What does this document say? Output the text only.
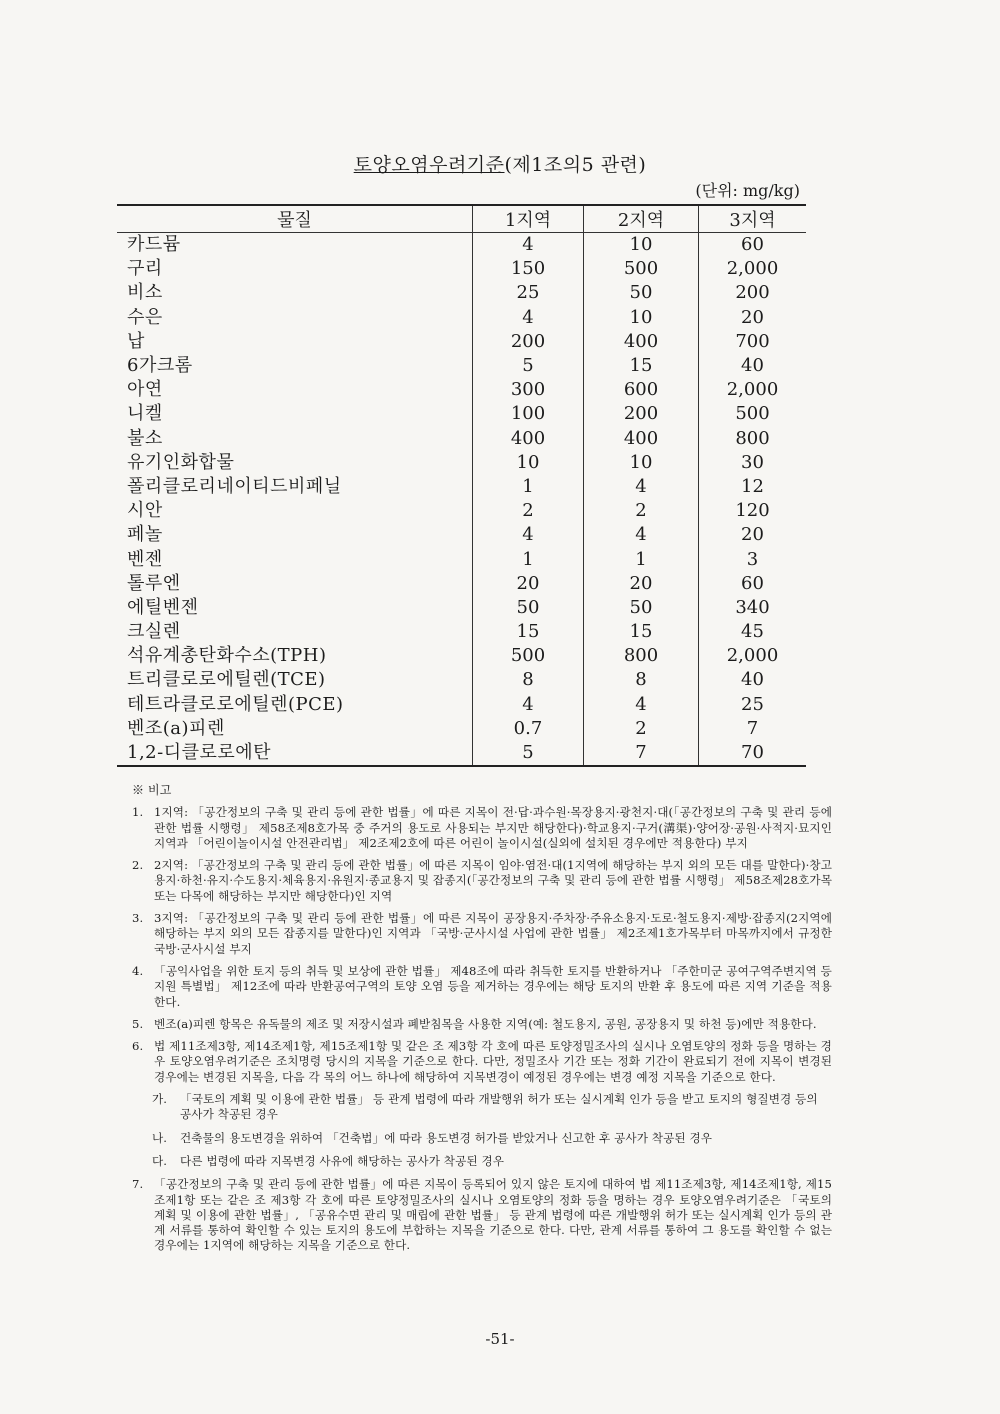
토양오염우려기준(제1조의5 관련)
(단위: mg/kg)
물질	1지역	2지역	3지역
카드뮴	4	10	60
구리	150	500	2,000
비소	25	50	200
수은	4	10	20
납	200	400	700
6가크롬	5	15	40
아연	300	600	2,000
니켈	100	200	500
불소	400	400	800
유기인화합물	10	10	30
폴리클로리네이티드비페닐	1	4	12
시안	2	2	120
페놀	4	4	20
벤젠	1	1	3
톨루엔	20	20	60
에틸벤젠	50	50	340
크실렌	15	15	45
석유계총탄화수소(TPH)	500	800	2,000
트리클로로에틸렌(TCE)	8	8	40
테트라클로로에틸렌(PCE)	4	4	25
벤조(a)피렌	0.7	2	7
1,2-디클로로에탄	5	7	70
※ 비고
1. 1지역: 「공간정보의 구축 및 관리 등에 관한 법률」에 따른 지목이 전·답·과수원·목장용지·광천지·대(「공간정보의 구축 및 관리 등에 관한 법률 시행령」 제58조제8호가목 중 주거의 용도로 사용되는 부지만 해당한다)·학교용지·구거(溝渠)·양어장·공원·사적지·묘지인 지역과 「어린이놀이시설 안전관리법」 제2조제2호에 따른 어린이 놀이시설(실외에 설치된 경우에만 적용한다) 부지
2. 2지역: 「공간정보의 구축 및 관리 등에 관한 법률」에 따른 지목이 임야·염전·대(1지역에 해당하는 부지 외의 모든 대를 말한다)·창고용지·하천·유지·수도용지·체육용지·유원지·종교용지 및 잡종지(「공간정보의 구축 및 관리 등에 관한 법률 시행령」 제58조제28호가목 또는 다목에 해당하는 부지만 해당한다)인 지역
3. 3지역: 「공간정보의 구축 및 관리 등에 관한 법률」에 따른 지목이 공장용지·주차장·주유소용지·도로·철도용지·제방·잡종지(2지역에 해당하는 부지 외의 모든 잡종지를 말한다)인 지역과 「국방·군사시설 사업에 관한 법률」 제2조제1호가목부터 마목까지에서 규정한 국방·군사시설 부지
4. 「공익사업을 위한 토지 등의 취득 및 보상에 관한 법률」 제48조에 따라 취득한 토지를 반환하거나 「주한미군 공여구역주변지역 등 지원 특별법」 제12조에 따라 반환공여구역의 토양 오염 등을 제거하는 경우에는 해당 토지의 반환 후 용도에 따른 지역 기준을 적용한다.
5. 벤조(a)피렌 항목은 유독물의 제조 및 저장시설과 폐받침목을 사용한 지역(예: 철도용지, 공원, 공장용지 및 하천 등)에만 적용한다.
6. 법 제11조제3항, 제14조제1항, 제15조제1항 및 같은 조 제3항 각 호에 따른 토양정밀조사의 실시나 오염토양의 정화 등을 명하는 경우 토양오염우려기준은 조치명령 당시의 지목을 기준으로 한다. 다만, 정밀조사 기간 또는 정화 기간이 완료되기 전에 지목이 변경된 경우에는 변경된 지목을, 다음 각 목의 어느 하나에 해당하여 지목변경이 예정된 경우에는 변경 예정 지목을 기준으로 한다.
가.	「국토의 계획 및 이용에 관한 법률」 등 관계 법령에 따라 개발행위 허가 또는 실시계획 인가 등을 받고 토지의 형질변경 등의 공사가 착공된 경우
나.	건축물의 용도변경을 위하여 「건축법」에 따라 용도변경 허가를 받았거나 신고한 후 공사가 착공된 경우
다.	다른 법령에 따라 지목변경 사유에 해당하는 공사가 착공된 경우
7. 「공간정보의 구축 및 관리 등에 관한 법률」에 따른 지목이 등록되어 있지 않은 토지에 대하여 법 제11조제3항, 제14조제1항, 제15조제1항 또는 같은 조 제3항 각 호에 따른 토양정밀조사의 실시나 오염토양의 정화 등을 명하는 경우 토양오염우려기준은 「국토의 계획 및 이용에 관한 법률」, 「공유수면 관리 및 매립에 관한 법률」 등 관계 법령에 따른 개발행위 허가 또는 실시계획 인가 등의 관계 서류를 통하여 확인할 수 있는 토지의 용도에 부합하는 지목을 기준으로 한다. 다만, 관계 서류를 통하여 그 용도를 확인할 수 없는 경우에는 1지역에 해당하는 지목을 기준으로 한다.
-51-
